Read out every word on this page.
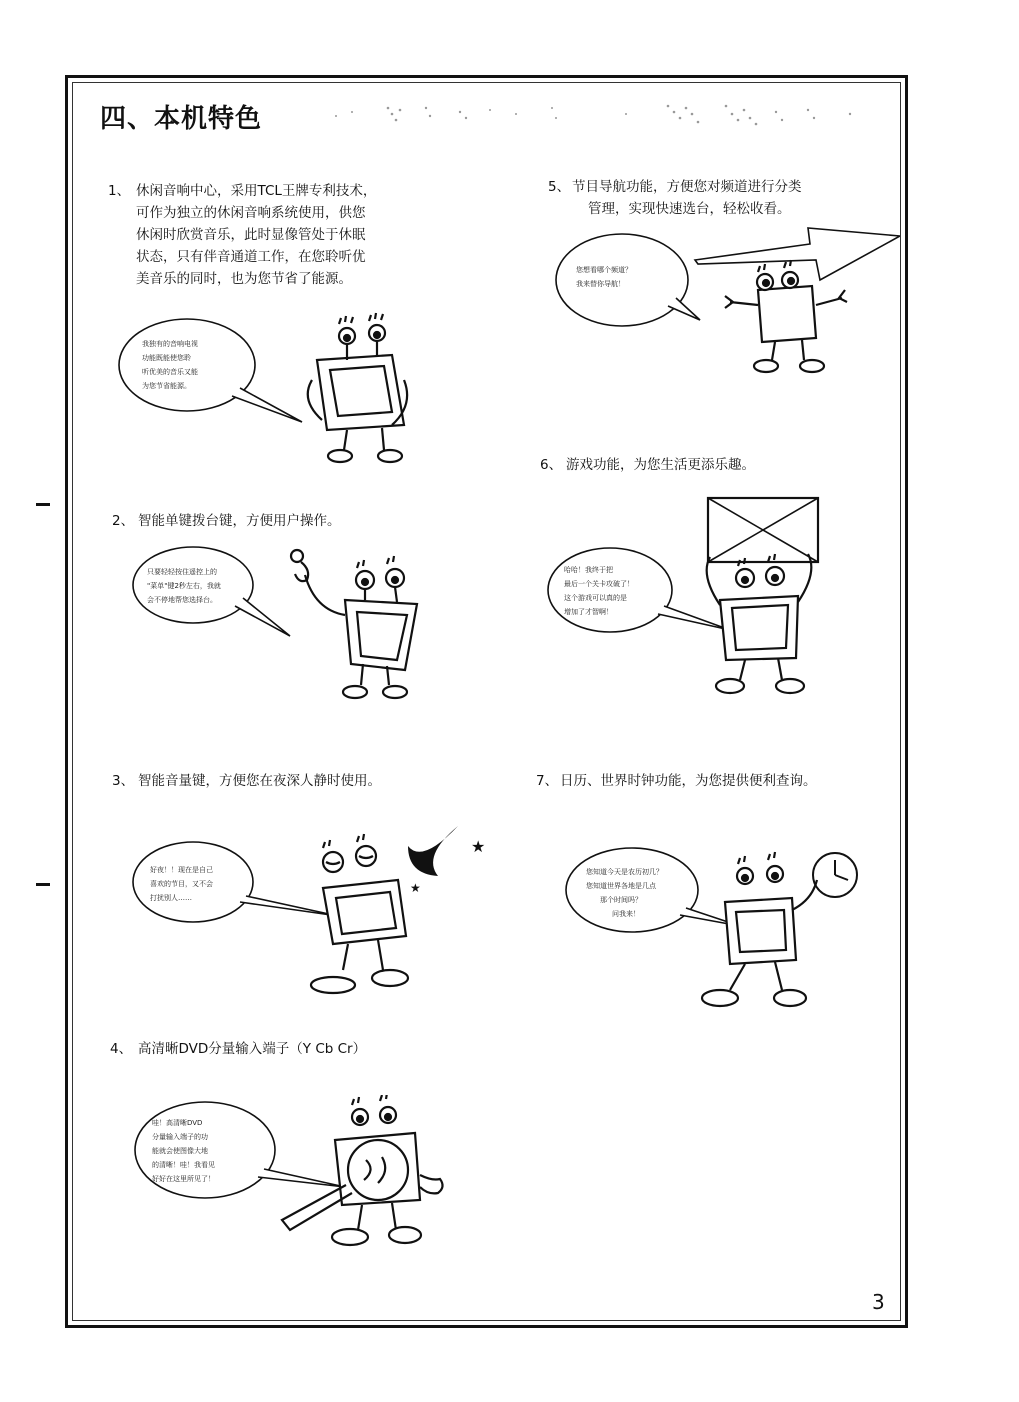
四、本机特色
1、 休闲音响中心，采用TCL王牌专利技术，
可作为独立的休闲音响系统使用，供您
休闲时欣赏音乐，此时显像管处于休眠
状态，只有伴音通道工作，在您聆听优
美音乐的同时，也为您节省了能源。
5、 节目导航功能，方便您对频道进行分类
管理，实现快速选台，轻松收看。
6、 游戏功能，为您生活更添乐趣。
2、 智能单键拨台键，方便用户操作。
3、 智能音量键，方便您在夜深人静时使用。	7、 日历、世界时钟功能，为您提供便利查询。
4、 高清晰DVD分量输入端子（Y Cb Cr）
我独有的音响电视
功能既能使您聆
听优美的音乐又能
为您节省能源。
您想看哪个频道？
我来替你导航！
只要轻轻按住遥控上的
"菜单"键2秒左右，我就
会不停地帮您选择台。
哈哈！我终于把
最后一个关卡攻破了！
这个游戏可以真的是
增加了才智啊！
好夜！！现在是自己
喜欢的节目，又不会
打扰别人……
★
★
您知道今天是农历初几？
您知道世界各地是几点
那个时间吗？
问我来！
哇！高清晰DVD
分量输入端子的功
能就会使图像大地
的清晰！哇！我看见
好好在这里所见了！
3
